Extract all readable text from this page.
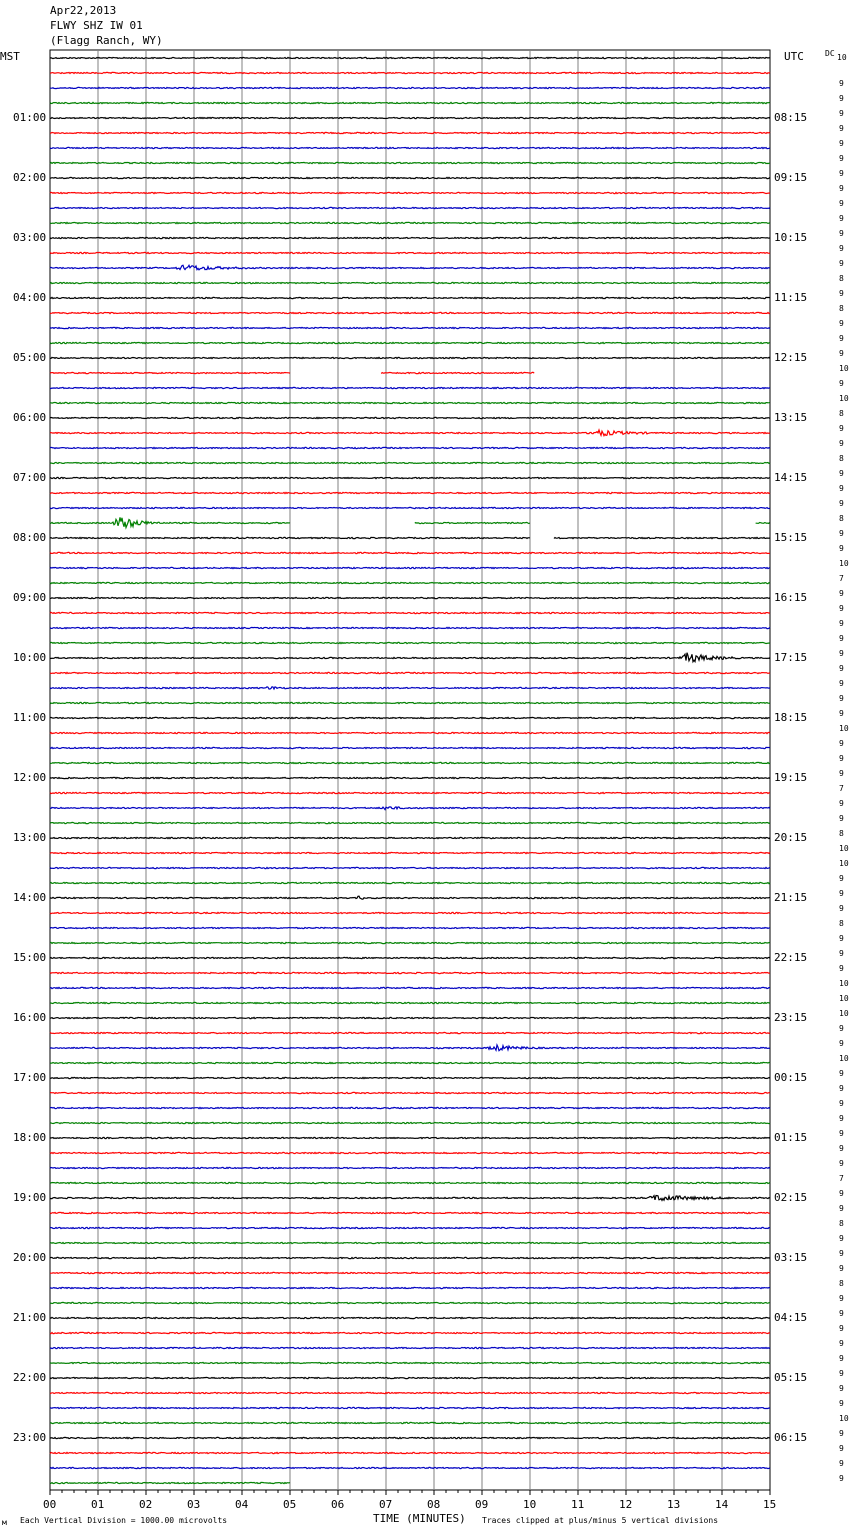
Apr22,2013
FLWY SHZ IW 01
(Flagg Ranch, WY)
MST	UTC	DC 10
01:00
02:00
03:00
04:00
05:00
06:00
07:00
08:00
09:00
10:00
11:00
12:00
13:00
14:00
15:00
16:00
17:00
18:00
19:00
20:00
21:00
22:00
23:00
08:15
09:15
10:15
11:15
12:15
13:15
14:15
15:15
16:15
17:15
18:15
19:15
20:15
21:15
22:15
23:15
00:15
01:15
02:15
03:15
04:15
05:15
06:15
9
9
9
9
9
9
9
9
9
9
9
9
9
8
9
8
9
9
9
10
9
10
8
9
9
8
9
9
9
8
9
9
10
7
9
9
9
9
9
9
9
9
9
10
9
9
9
7
9
9
8
10
10
9
9
9
8
9
9
9
10
10
10
9
9
10
9
9
9
9
9
9
9
7
9
9
8
9
9
9
8
9
9
9
9
9
9
9
9
10
9
9
9
9
00	01	02	03	04	05	06	07	08	09	10	11	12	13	14	15
TIME (MINUTES)
м Each Vertical Division = 1000.00 microvolts	Traces clipped at plus/minus 5 vertical divisions
